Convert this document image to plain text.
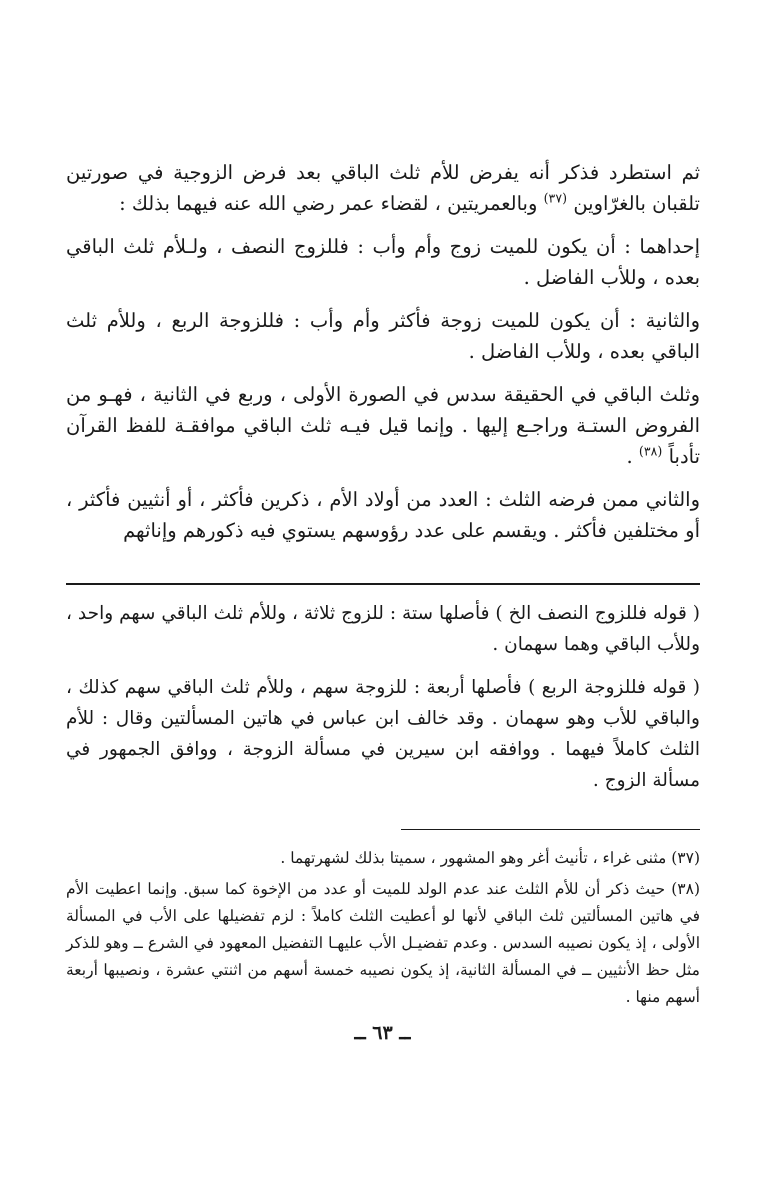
ثم استطرد فذكر أنه يفرض للأم ثلث الباقي بعد فرض الزوجية في صورتين تلقبان بالغرّاوين $^{(٣٧)}$ وبالعمريتين ، لقضاء عمر رضي الله عنه فيهما بذلك :

إحداهما : أن يكون للميت زوج وأم وأب : فللزوج النصف ، ولـلأم ثلث الباقي بعده ، وللأب الفاضل .

والثانية : أن يكون للميت زوجة فأكثر وأم وأب : فللزوجة الربع ، وللأم ثلث الباقي بعده ، وللأب الفاضل .

وثلث الباقي في الحقيقة سدس في الصورة الأولى ، وربع في الثانية ، فهـو من الفروض الستـة وراجـع إليها . وإنما قيل فيـه ثلث الباقي موافقـة للفظ القرآن تأدباً $^{(٣٨)}$ .

والثاني ممن فرضه الثلث : العدد من أولاد الأم ، ذكرين فأكثر ، أو أنثيين فأكثر ، أو مختلفين فأكثر . ويقسم على عدد رؤوسهم يستوي فيه ذكورهم وإناثهم

( قوله فللزوج النصف الخ ) فأصلها ستة : للزوج ثلاثة ، وللأم ثلث الباقي سهم واحد ، وللأب الباقي وهما سهمان .

( قوله فللزوجة الربع ) فأصلها أربعة : للزوجة سهم ، وللأم ثلث الباقي سهم كذلك ، والباقي للأب وهو سهمان . وقد خالف ابن عباس في هاتين المسألتين وقال : للأم الثلث كاملاً فيهما . ووافقه ابن سيرين في مسألة الزوجة ، ووافق الجمهور في مسألة الزوج .

(٣٧) مثنى غراء ، تأنيث أغر وهو المشهور ، سميتا بذلك لشهرتهما .

(٣٨) حيث ذكر أن للأم الثلث عند عدم الولد للميت أو عدد من الإخوة كما سبق. وإنما اعطيت الأم في هاتين المسألتين ثلث الباقي لأنها لو أعطيت الثلث كاملاً : لزم تفضيلها على الأب في المسألة الأولى ، إذ يكون نصيبه السدس . وعدم تفضيـل الأب عليهـا التفضيل المعهود في الشرع ــ وهو للذكر مثل حظ الأنثيين ــ في المسألة الثانية، إذ يكون نصيبه خمسة أسهم من اثنتي عشرة ، ونصيبها أربعة أسهم منها .

ــ ٦٣ ــ
